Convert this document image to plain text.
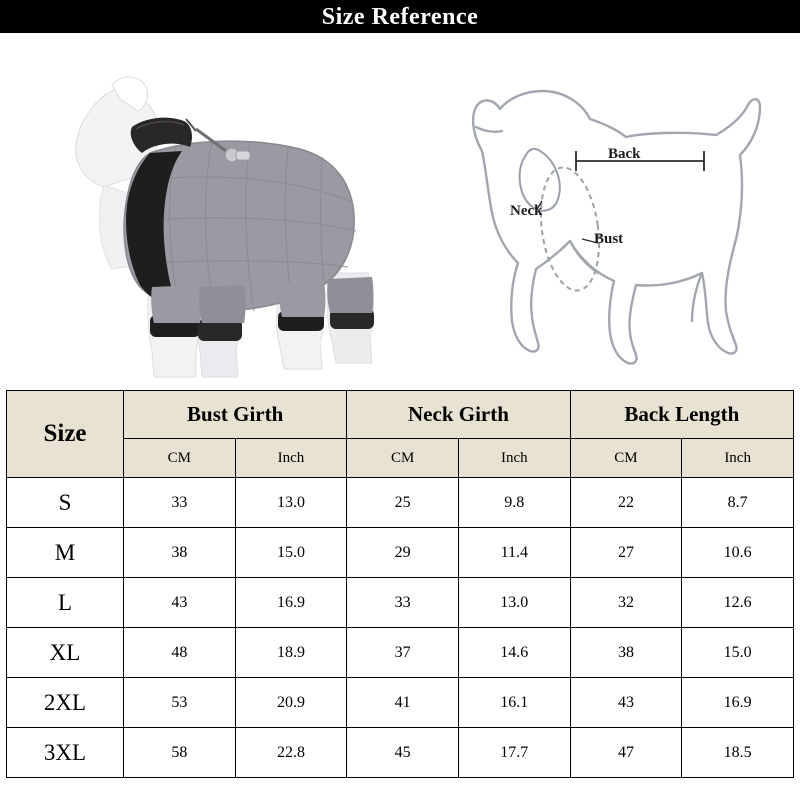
Size Reference
Back
Neck
Bust
Size	Bust Girth		Neck Girth		Back Length	
	CM	Inch	CM	Inch	CM	Inch
S	33	13.0	25	9.8	22	8.7
M	38	15.0	29	11.4	27	10.6
L	43	16.9	33	13.0	32	12.6
XL	48	18.9	37	14.6	38	15.0
2XL	53	20.9	41	16.1	43	16.9
3XL	58	22.8	45	17.7	47	18.5
